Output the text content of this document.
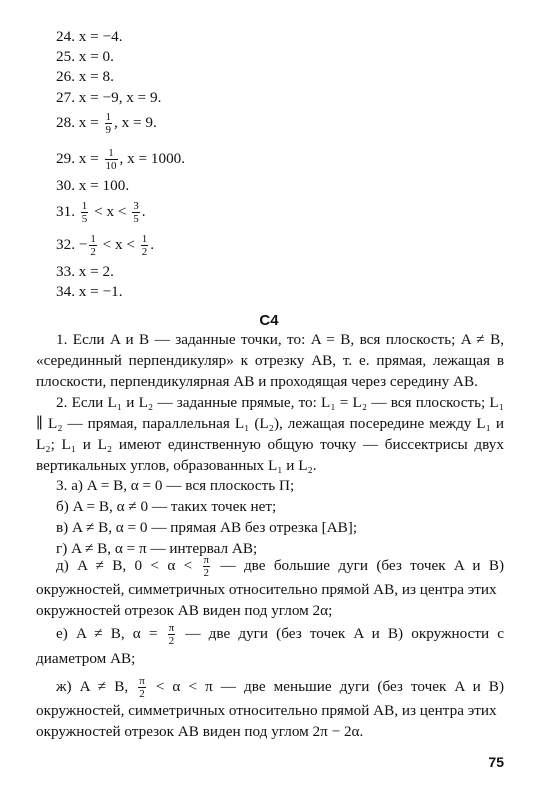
24. x = −4.
25. x = 0.
26. x = 8.
27. x = −9, x = 9.
28. $x = \frac{1}{9}$ , x = 9.
29. $x = \frac{1}{10}$ , x = 1000.
30. x = 100.
31. $\frac{1}{5} < x < \frac{3}{5}$ .
32. − $\frac{1}{2} < x < \frac{1}{2}$ .
33. x = 2.
34. x = −1.
С4
1. Если A и B — заданные точки, то: A = B, вся плоскость; A ≠ B, «серединный перпендикуляр» к отрезку AB, т. е. прямая, лежащая в плоскости, перпендикулярная AB и проходящая через середину AB.
2. Если L₁ и L₂ — заданные прямые, то: L₁ = L₂ — вся плоскость; L₁ ∥ L₂ — прямая, параллельная L₁ (L₂), лежащая посередине между L₁ и L₂; L₁ и L₂ имеют единственную общую точку — биссектрисы двух вертикальных углов, образованных L₁ и L₂.
3. а) A = B, α = 0 — вся плоскость П;
б) A = B, α ≠ 0 — таких точек нет;
в) A ≠ B, α = 0 — прямая AB без отрезка [AB];
г) A ≠ B, α = π — интервал AB;
д) A ≠ B, $0 < \alpha < \frac{\pi}{2}$ — две большие дуги (без точек A и B)
окружностей, симметричных относительно прямой AB, из центра этих
окружностей отрезок AB виден под углом 2α;
е) A ≠ B, $\alpha = \frac{\pi}{2}$ — две дуги (без точек A и B) окружности с
диаметром AB;
ж) A ≠ B, $\frac{\pi}{2} < \alpha < \pi$ — две меньшие дуги (без точек A и B)
окружностей, симметричных относительно прямой AB, из центра этих
окружностей отрезок AB виден под углом 2π − 2α.
75
